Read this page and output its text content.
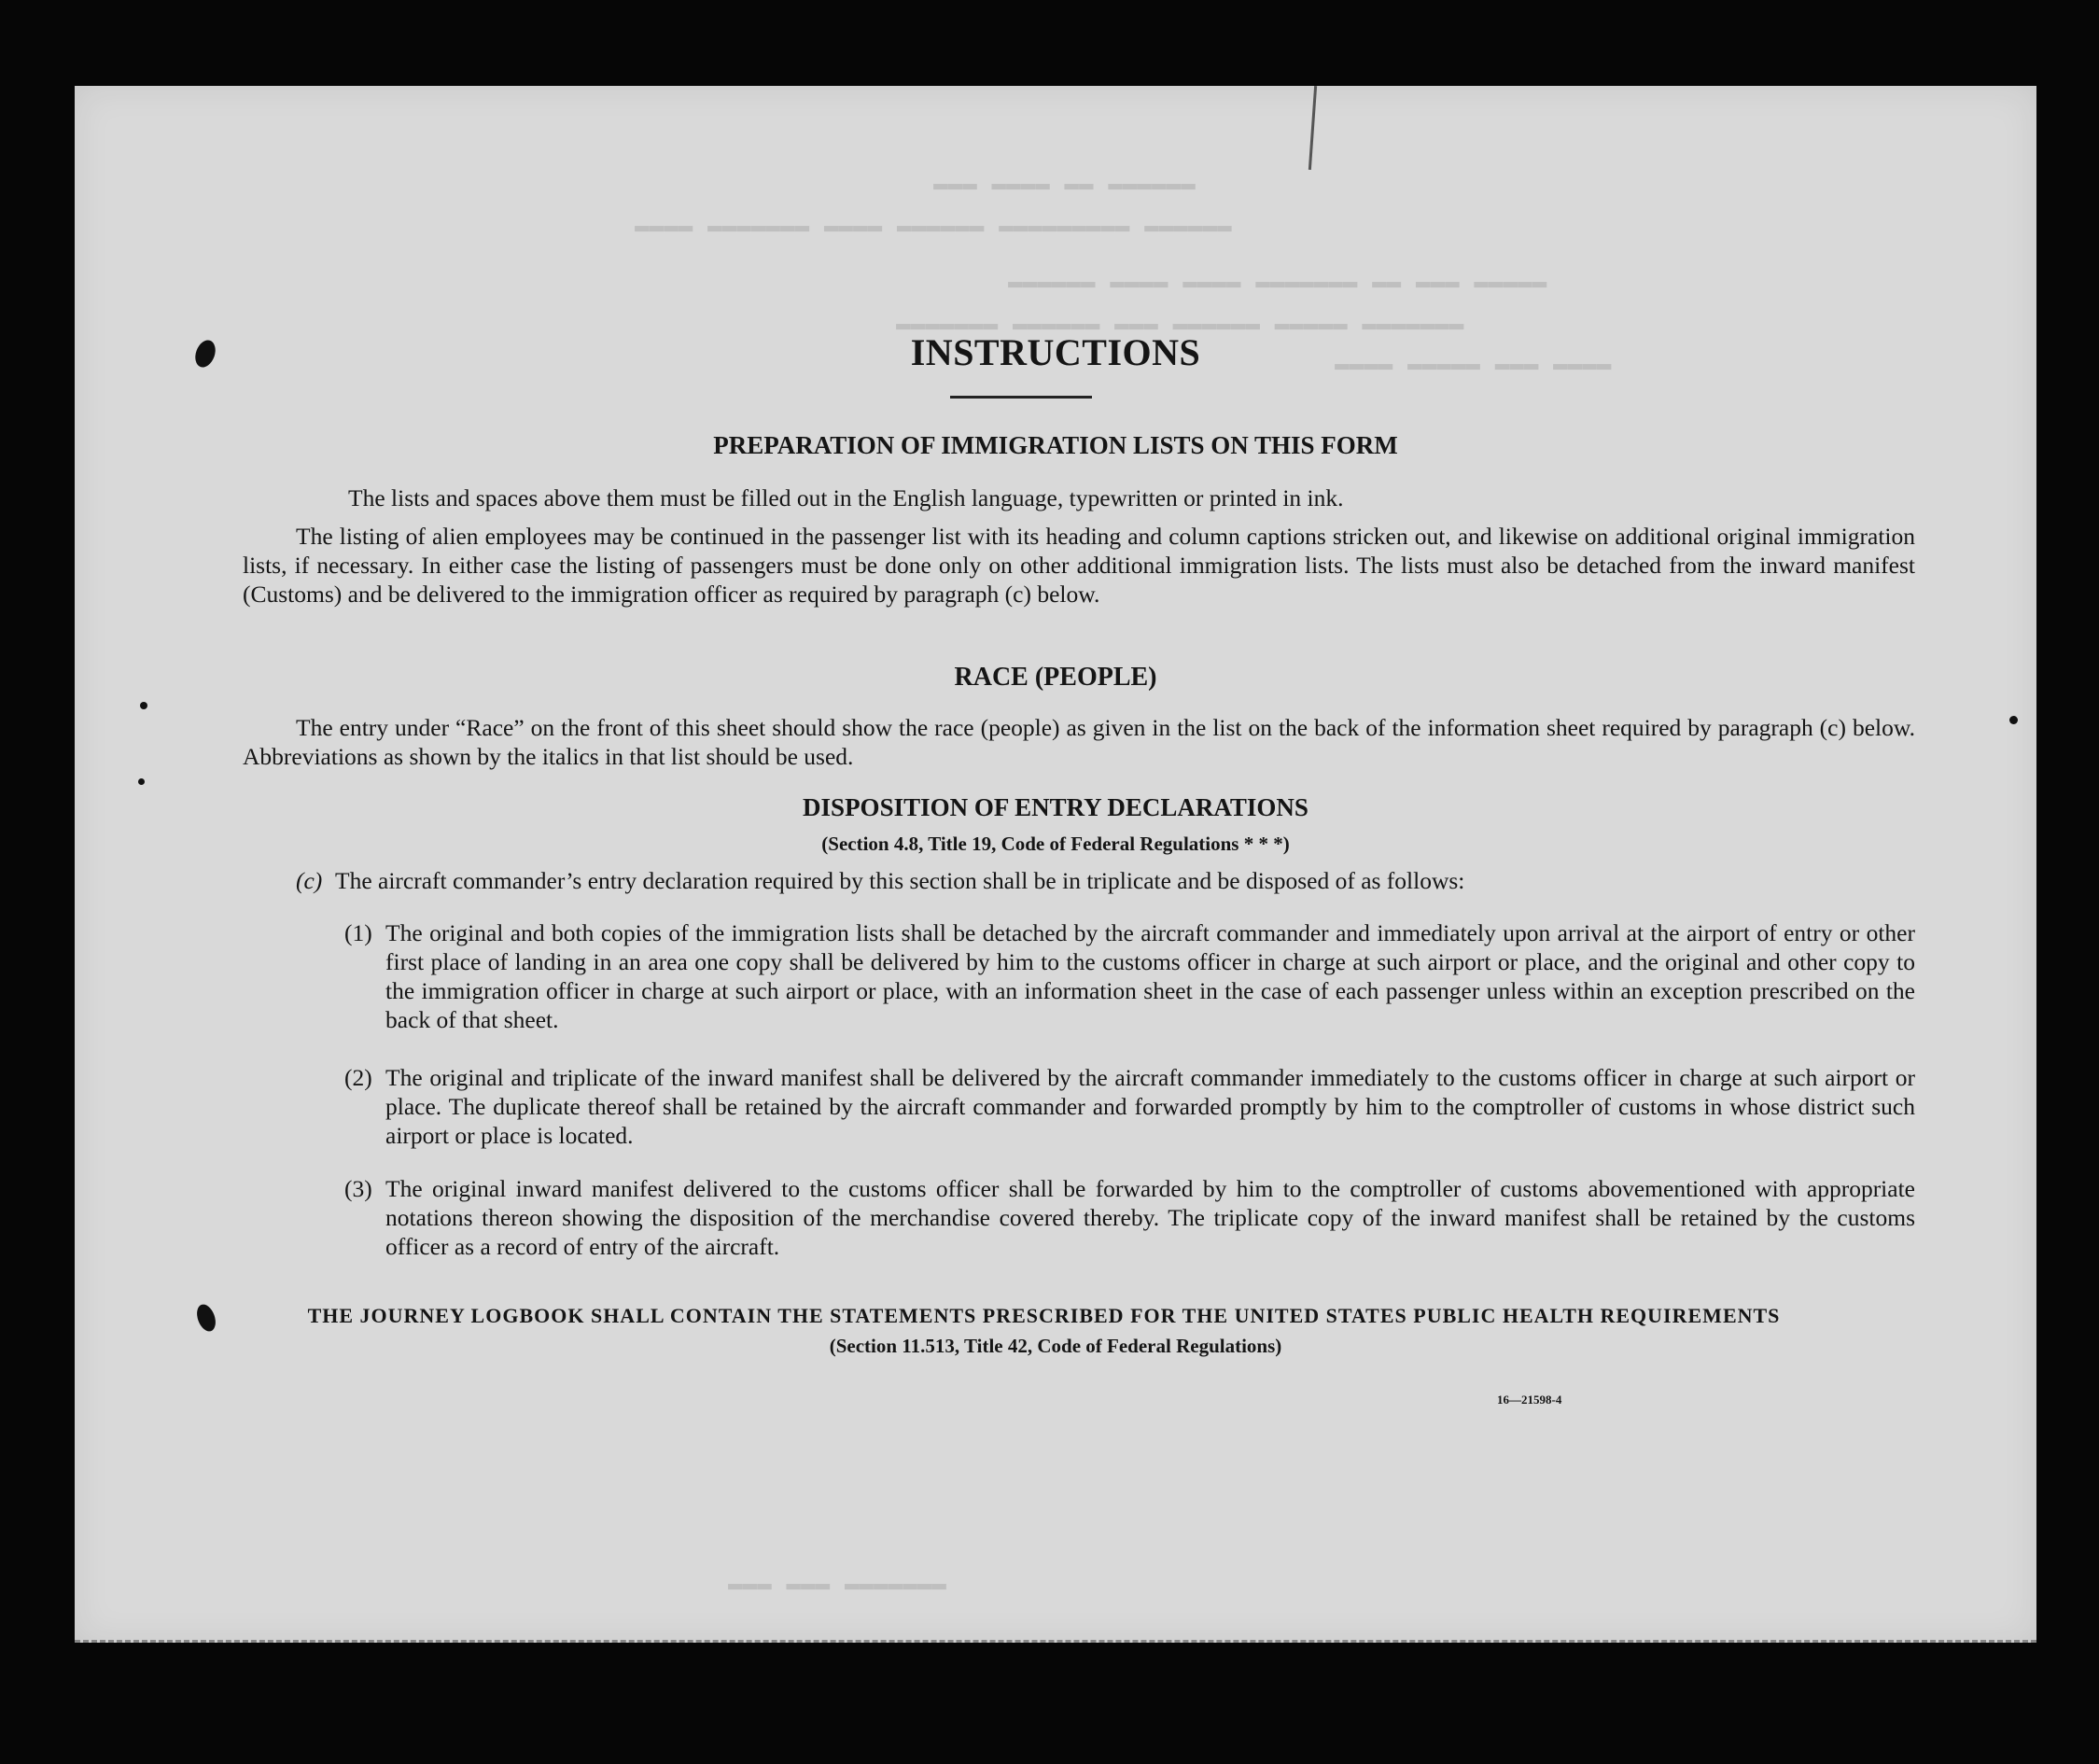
▬▬▬ ▬▬▬▬ ▬▬ ▬▬▬▬▬▬
▬▬▬▬ ▬▬▬▬▬▬▬ ▬▬▬▬ ▬▬▬▬▬▬ ▬▬▬▬▬▬▬▬▬ ▬▬▬▬▬▬
▬▬▬▬▬▬ ▬▬▬▬ ▬▬▬▬ ▬▬▬▬▬▬▬ ▬▬ ▬▬▬ ▬▬▬▬▬
▬▬▬▬▬▬▬ ▬▬▬▬▬▬ ▬▬▬ ▬▬▬▬▬▬ ▬▬▬▬▬ ▬▬▬▬▬▬▬
▬▬▬▬ ▬▬▬▬▬ ▬▬▬ ▬▬▬▬
▬▬▬ ▬▬▬ ▬▬▬▬▬▬▬
INSTRUCTIONS
PREPARATION OF IMMIGRATION LISTS ON THIS FORM
The lists and spaces above them must be filled out in the English language, typewritten or printed in ink.
The listing of alien employees may be continued in the passenger list with its heading and column captions stricken out, and likewise on additional original immigration lists, if necessary. In either case the listing of passengers must be done only on other additional immigration lists. The lists must also be detached from the inward manifest (Customs) and be delivered to the immigration officer as required by paragraph (c) below.
RACE (PEOPLE)
The entry under “Race” on the front of this sheet should show the race (people) as given in the list on the back of the information sheet required by paragraph (c) below. Abbreviations as shown by the italics in that list should be used.
DISPOSITION OF ENTRY DECLARATIONS
(Section 4.8, Title 19, Code of Federal Regulations * * *)
(c) The aircraft commander’s entry declaration required by this section shall be in triplicate and be disposed of as follows:
(1) The original and both copies of the immigration lists shall be detached by the aircraft commander and immediately upon arrival at the airport of entry or other first place of landing in an area one copy shall be delivered by him to the customs officer in charge at such airport or place, and the original and other copy to the immigration officer in charge at such airport or place, with an information sheet in the case of each passenger unless within an exception prescribed on the back of that sheet.
(2) The original and triplicate of the inward manifest shall be delivered by the aircraft commander immediately to the customs officer in charge at such airport or place. The duplicate thereof shall be retained by the aircraft commander and forwarded promptly by him to the comptroller of customs in whose district such airport or place is located.
(3) The original inward manifest delivered to the customs officer shall be forwarded by him to the comptroller of customs abovementioned with appropriate notations thereon showing the disposition of the merchandise covered thereby. The triplicate copy of the inward manifest shall be retained by the customs officer as a record of entry of the aircraft.
THE JOURNEY LOGBOOK SHALL CONTAIN THE STATEMENTS PRESCRIBED FOR THE UNITED STATES PUBLIC HEALTH REQUIREMENTS
(Section 11.513, Title 42, Code of Federal Regulations)
16—21598-4
